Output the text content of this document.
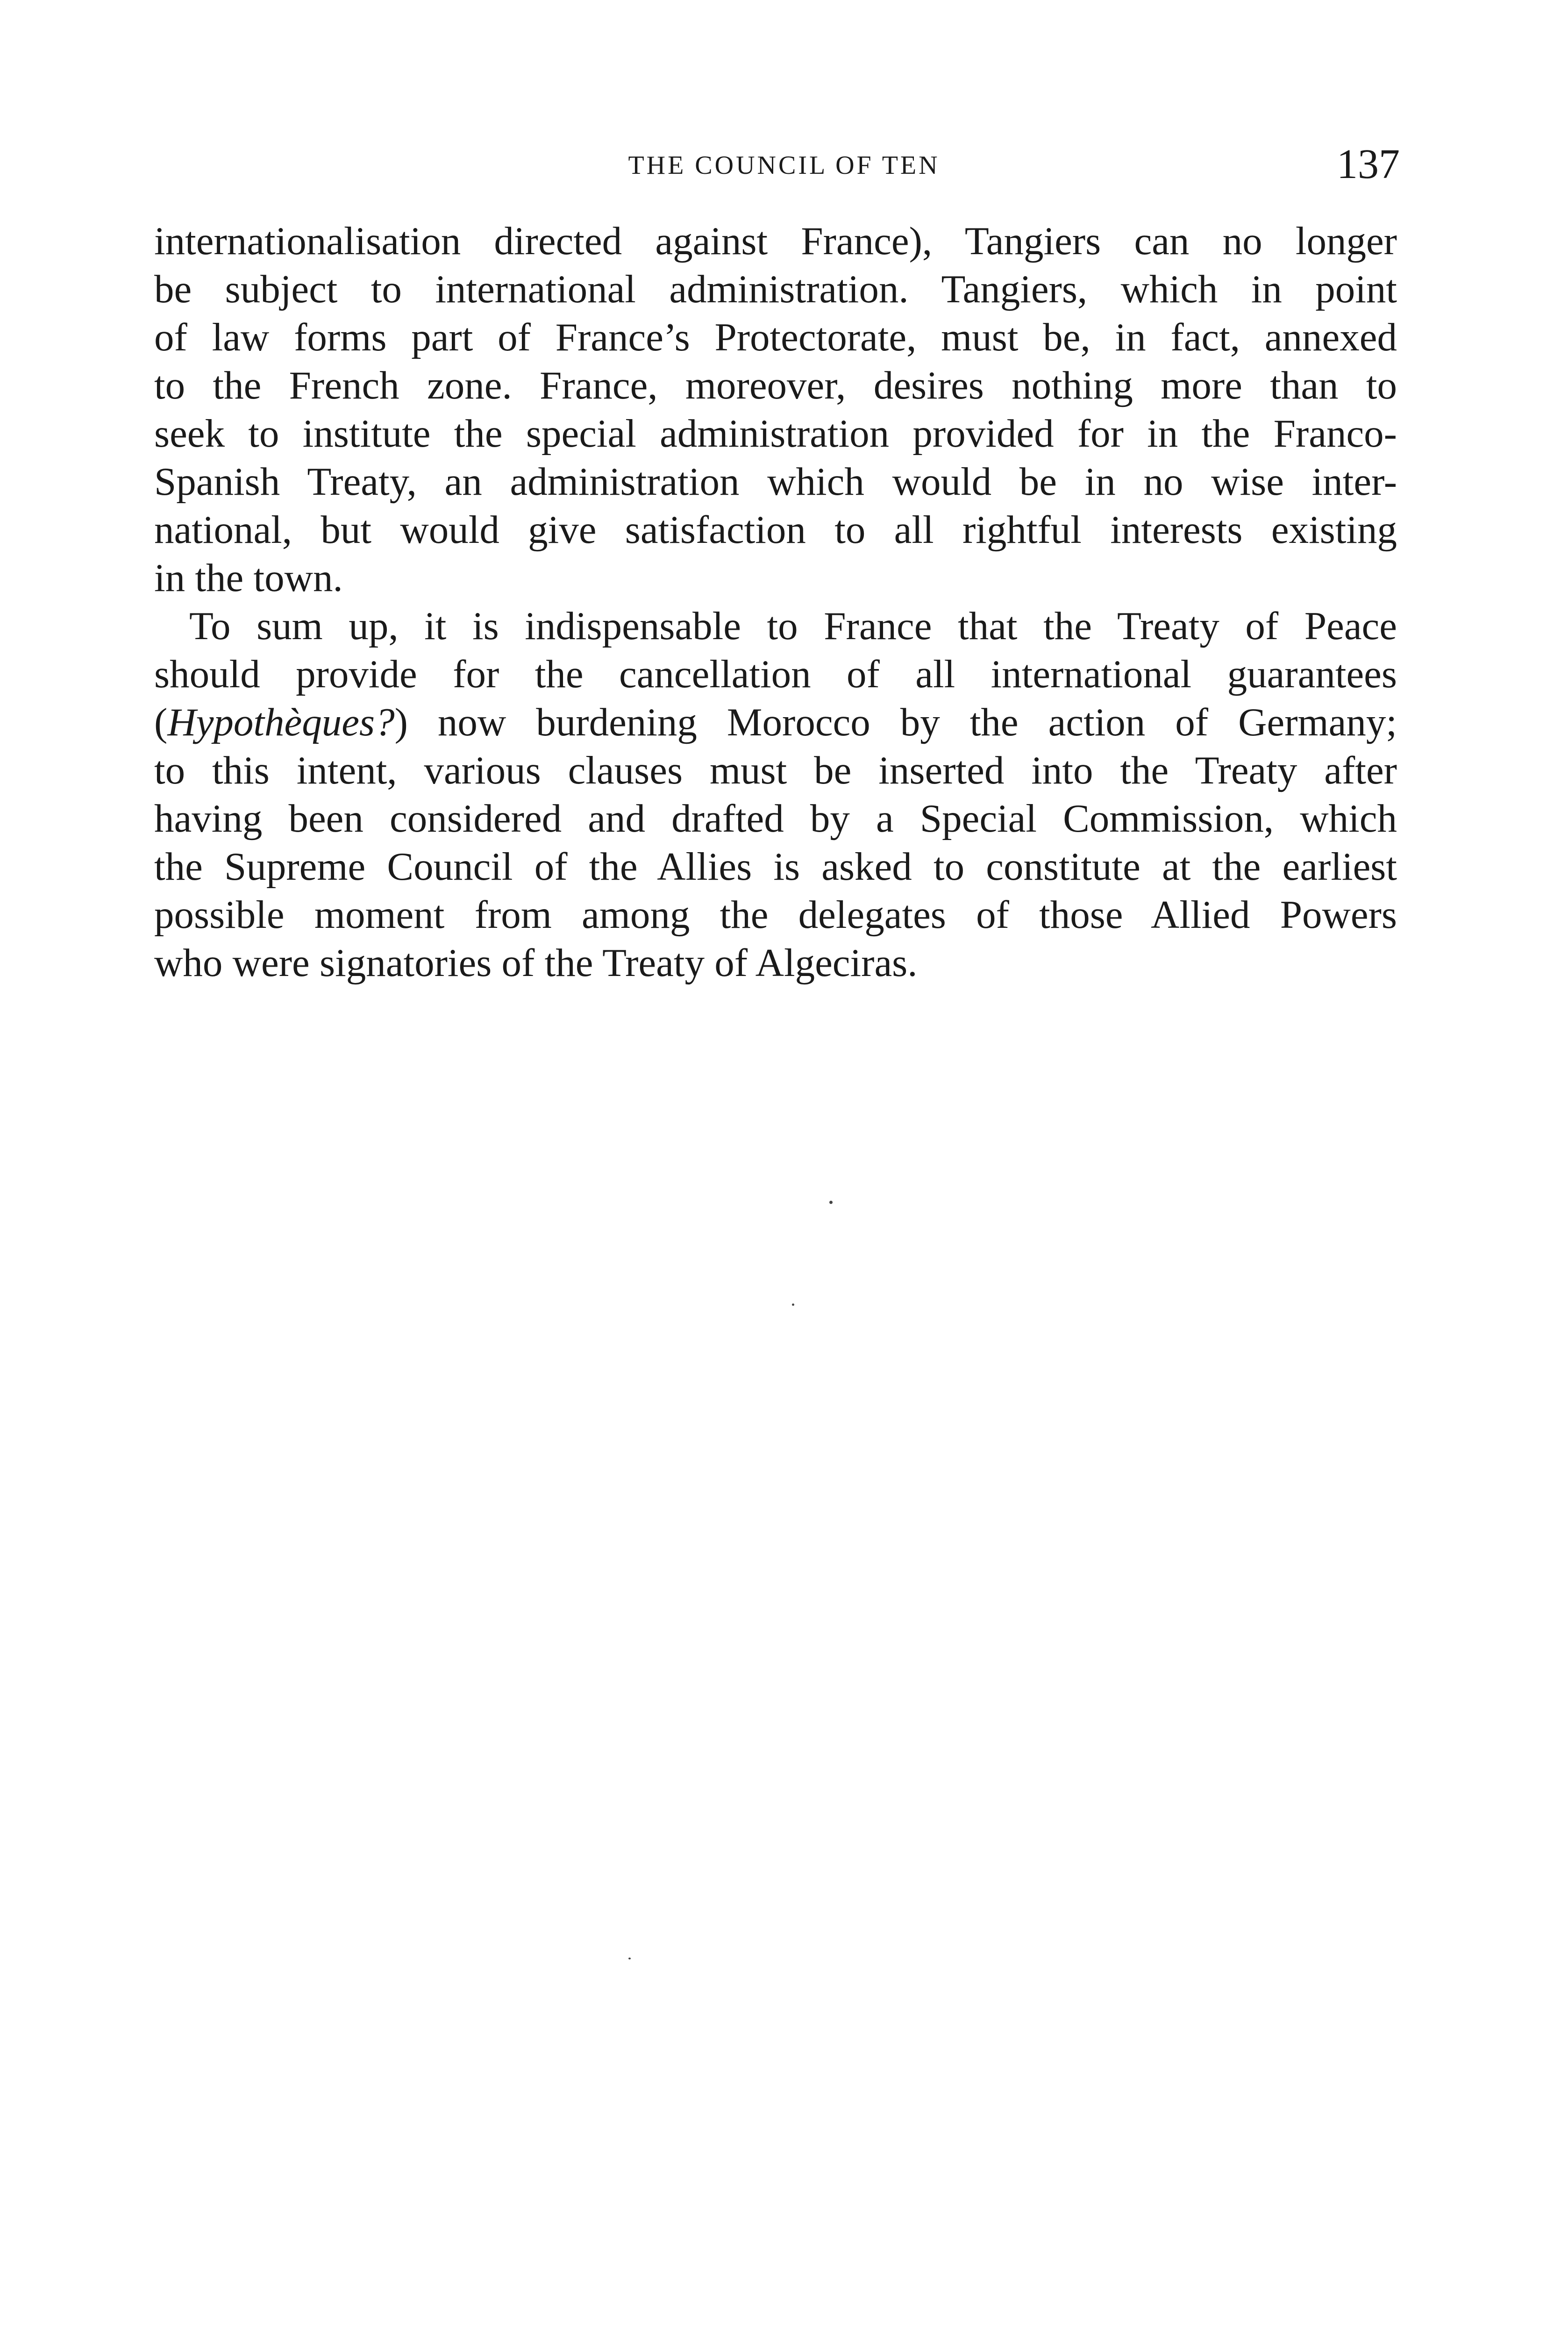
THE COUNCIL OF TEN	137
internationalisation directed against France), Tangiers can no longer
be subject to international administration. Tangiers, which in point
of law forms part of France’s Protectorate, must be, in fact, annexed
to the French zone. France, moreover, desires nothing more than to
seek to institute the special administration provided for in the Franco-
Spanish Treaty, an administration which would be in no wise inter-
national, but would give satisfaction to all rightful interests existing
in the town.
To sum up, it is indispensable to France that the Treaty of Peace
should provide for the cancellation of all international guarantees
(Hypothèques?) now burdening Morocco by the action of Germany;
to this intent, various clauses must be inserted into the Treaty after
having been considered and drafted by a Special Commission, which
the Supreme Council of the Allies is asked to constitute at the earliest
possible moment from among the delegates of those Allied Powers
who were signatories of the Treaty of Algeciras.
